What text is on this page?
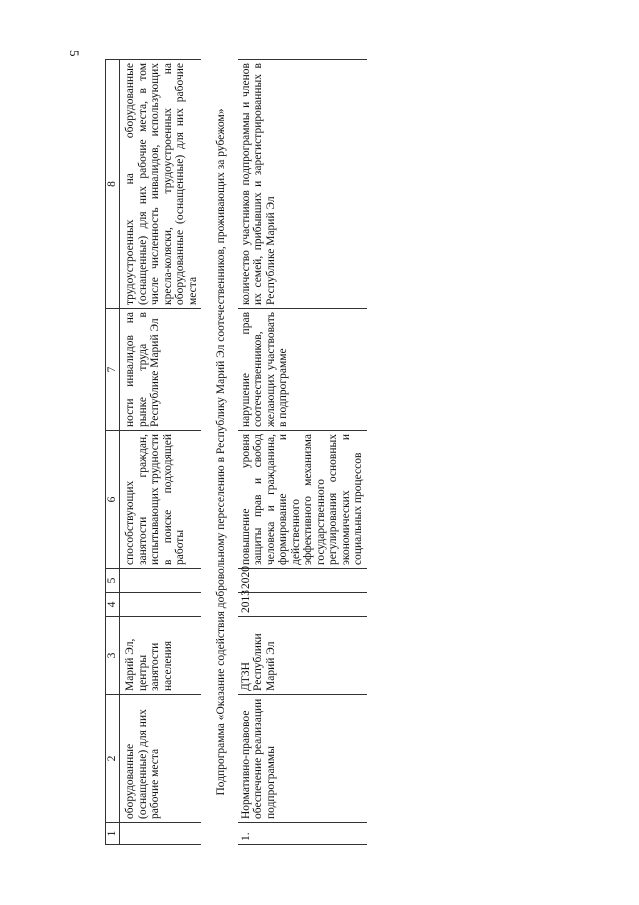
5
1	2	3	4	5	6	7	8

	оборудованные (оснащенные) для них рабочие места	Марий Эл, центры занятости населения			способствующих занятости граждан, испытывающих трудности в поиске подходящей работы	ности инвалидов на рынке труда в Республике Марий Эл	трудоустроенных на оборудованные (оснащенные) для них рабочие места, в том числе численность инвалидов, использующих кресла-коляски, трудоустроенных на оборудованные (оснащенные) для них рабочие места
Подпрограмма «Оказание содействия добровольному переселению в Республику Марий Эл соотечественников, проживающих за рубежом»							
1.	Нормативно-правовое обеспечение реализации подпрограммы	ДТЗН Республики Марий Эл	2013	2020	повышение уровня защиты прав и свобод человека и гражданина, формирование и действенного эффективного механизма государственного регулирования основных экономических и социальных процессов	нарушение прав соотечественников, желающих участвовать в подпрограмме	количество участников подпрограммы и членов их семей, прибывших и зарегистрированных в Республике Марий Эл
